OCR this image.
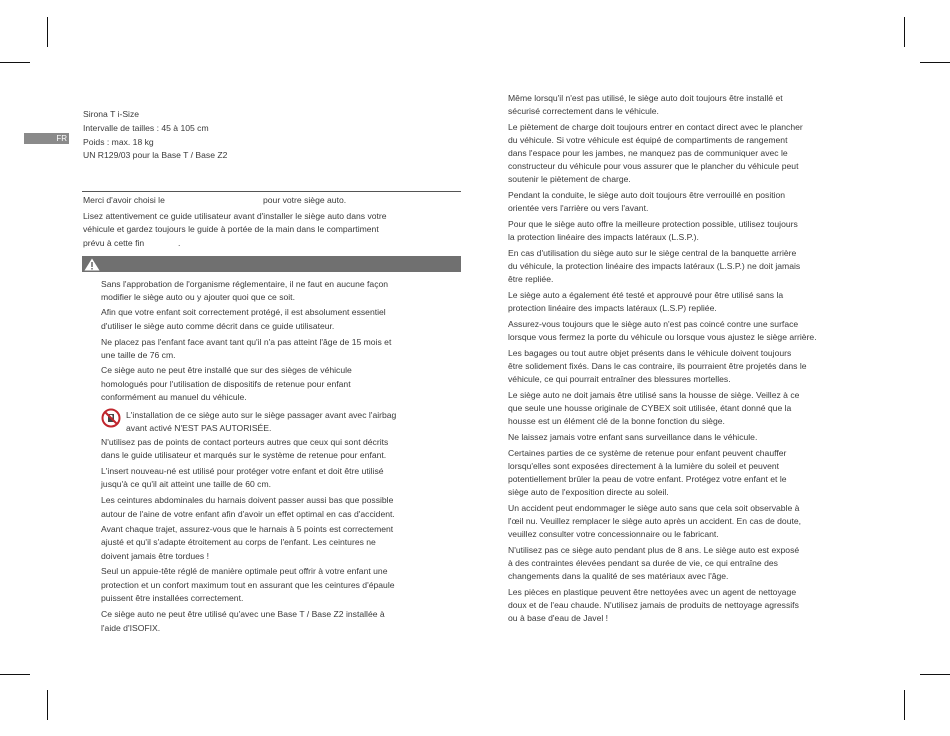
FR
Sirona T i-Size
Intervalle de tailles : 45 à 105 cm
Poids : max. 18 kg
UN R129/03 pour la Base T / Base Z2
Merci d'avoir choisi le	pour votre siège auto.
Lisez attentivement ce guide utilisateur avant d'installer le siège auto dans votre
véhicule et gardez toujours le guide à portée de la main dans le compartiment
prévu à cette fin	.
Sans l'approbation de l'organisme réglementaire, il ne faut en aucune façon
modifier le siège auto ou y ajouter quoi que ce soit.
Afin que votre enfant soit correctement protégé, il est absolument essentiel
d'utiliser le siège auto comme décrit dans ce guide utilisateur.
Ne placez pas l'enfant face avant tant qu'il n'a pas atteint l'âge de 15 mois et
une taille de 76 cm.
Ce siège auto ne peut être installé que sur des sièges de véhicule
homologués pour l'utilisation de dispositifs de retenue pour enfant
conformément au manuel du véhicule.
L'installation de ce siège auto sur le siège passager avant avec l'airbag
avant activé N'EST PAS AUTORISÉE.
N'utilisez pas de points de contact porteurs autres que ceux qui sont décrits
dans le guide utilisateur et marqués sur le système de retenue pour enfant.
L'insert nouveau-né est utilisé pour protéger votre enfant et doit être utilisé
jusqu'à ce qu'il ait atteint une taille de 60 cm.
Les ceintures abdominales du harnais doivent passer aussi bas que possible
autour de l'aine de votre enfant afin d'avoir un effet optimal en cas d'accident.
Avant chaque trajet, assurez-vous que le harnais à 5 points est correctement
ajusté et qu'il s'adapte étroitement au corps de l'enfant. Les ceintures ne
doivent jamais être tordues !
Seul un appuie-tête réglé de manière optimale peut offrir à votre enfant une
protection et un confort maximum tout en assurant que les ceintures d'épaule
puissent être installées correctement.
Ce siège auto ne peut être utilisé qu'avec une Base T / Base Z2 installée à
l'aide d'ISOFIX.
Même lorsqu'il n'est pas utilisé, le siège auto doit toujours être installé et
sécurisé correctement dans le véhicule.
Le piètement de charge doit toujours entrer en contact direct avec le plancher
du véhicule. Si votre véhicule est équipé de compartiments de rangement
dans l'espace pour les jambes, ne manquez pas de communiquer avec le
constructeur du véhicule pour vous assurer que le plancher du véhicule peut
soutenir le piètement de charge.
Pendant la conduite, le siège auto doit toujours être verrouillé en position
orientée vers l'arrière ou vers l'avant.
Pour que le siège auto offre la meilleure protection possible, utilisez toujours
la protection linéaire des impacts latéraux (L.S.P.).
En cas d'utilisation du siège auto sur le siège central de la banquette arrière
du véhicule, la protection linéaire des impacts latéraux (L.S.P.) ne doit jamais
être repliée.
Le siège auto a également été testé et approuvé pour être utilisé sans la
protection linéaire des impacts latéraux (L.S.P) repliée.
Assurez-vous toujours que le siège auto n'est pas coincé contre une surface
lorsque vous fermez la porte du véhicule ou lorsque vous ajustez le siège arrière.
Les bagages ou tout autre objet présents dans le véhicule doivent toujours
être solidement fixés. Dans le cas contraire, ils pourraient être projetés dans le
véhicule, ce qui pourrait entraîner des blessures mortelles.
Le siège auto ne doit jamais être utilisé sans la housse de siège. Veillez à ce
que seule une housse originale de CYBEX soit utilisée, étant donné que la
housse est un élément clé de la bonne fonction du siège.
Ne laissez jamais votre enfant sans surveillance dans le véhicule.
Certaines parties de ce système de retenue pour enfant peuvent chauffer
lorsqu'elles sont exposées directement à la lumière du soleil et peuvent
potentiellement brûler la peau de votre enfant. Protégez votre enfant et le
siège auto de l'exposition directe au soleil.
Un accident peut endommager le siège auto sans que cela soit observable à
l'œil nu. Veuillez remplacer le siège auto après un accident. En cas de doute,
veuillez consulter votre concessionnaire ou le fabricant.
N'utilisez pas ce siège auto pendant plus de 8 ans. Le siège auto est exposé
à des contraintes élevées pendant sa durée de vie, ce qui entraîne des
changements dans la qualité de ses matériaux avec l'âge.
Les pièces en plastique peuvent être nettoyées avec un agent de nettoyage
doux et de l'eau chaude. N'utilisez jamais de produits de nettoyage agressifs
ou à base d'eau de Javel !
